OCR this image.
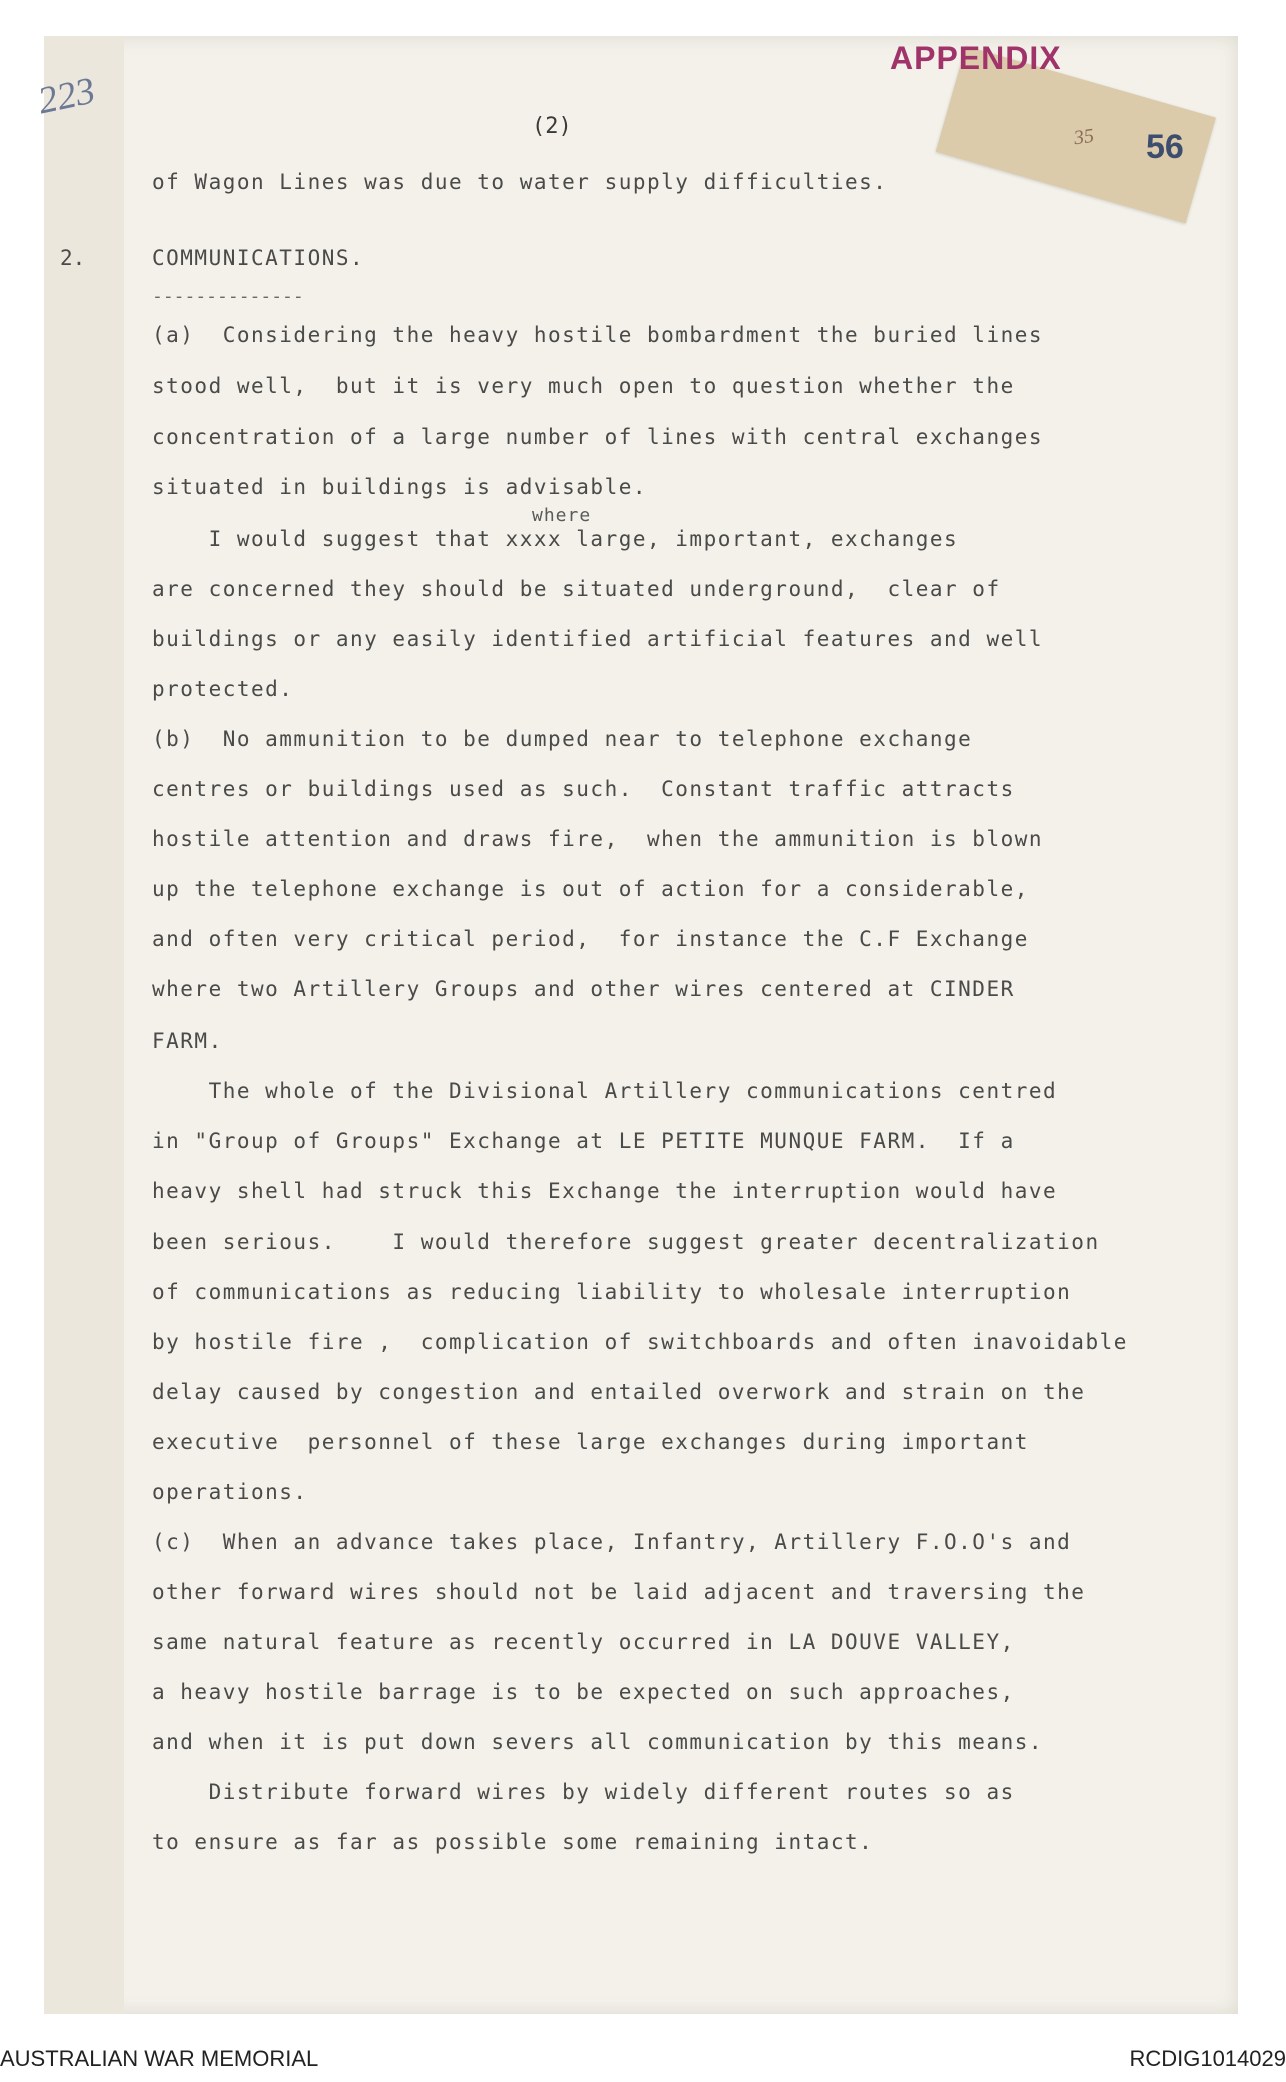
APPENDIX
35 56
223
(2)
of Wagon Lines was due to water supply difficulties.
COMMUNICATIONS.
(a)  Considering the heavy hostile bombardment the buried lines
stood well,  but it is very much open to question whether the
concentration of a large number of lines with central exchanges
situated in buildings is advisable.
I would suggest that xxxx large, important, exchanges
are concerned they should be situated underground,  clear of
buildings or any easily identified artificial features and well
protected.
(b)  No ammunition to be dumped near to telephone exchange
centres or buildings used as such.  Constant traffic attracts
hostile attention and draws fire,  when the ammunition is blown
up the telephone exchange is out of action for a considerable,
and often very critical period,  for instance the C.F Exchange
where two Artillery Groups and other wires centered at CINDER
FARM.
The whole of the Divisional Artillery communications centred
in "Group of Groups" Exchange at LE PETITE MUNQUE FARM.  If a
heavy shell had struck this Exchange the interruption would have
been serious.    I would therefore suggest greater decentralization
of communications as reducing liability to wholesale interruption
by hostile fire ,  complication of switchboards and often inavoidable
delay caused by congestion and entailed overwork and strain on the
executive  personnel of these large exchanges during important
operations.
(c)  When an advance takes place, Infantry, Artillery F.O.O's and
other forward wires should not be laid adjacent and traversing the
same natural feature as recently occurred in LA DOUVE VALLEY,
a heavy hostile barrage is to be expected on such approaches,
and when it is put down severs all communication by this means.
Distribute forward wires by widely different routes so as
to ensure as far as possible some remaining intact.
2.
--------------
where
AUSTRALIAN WAR MEMORIAL	RCDIG1014029
